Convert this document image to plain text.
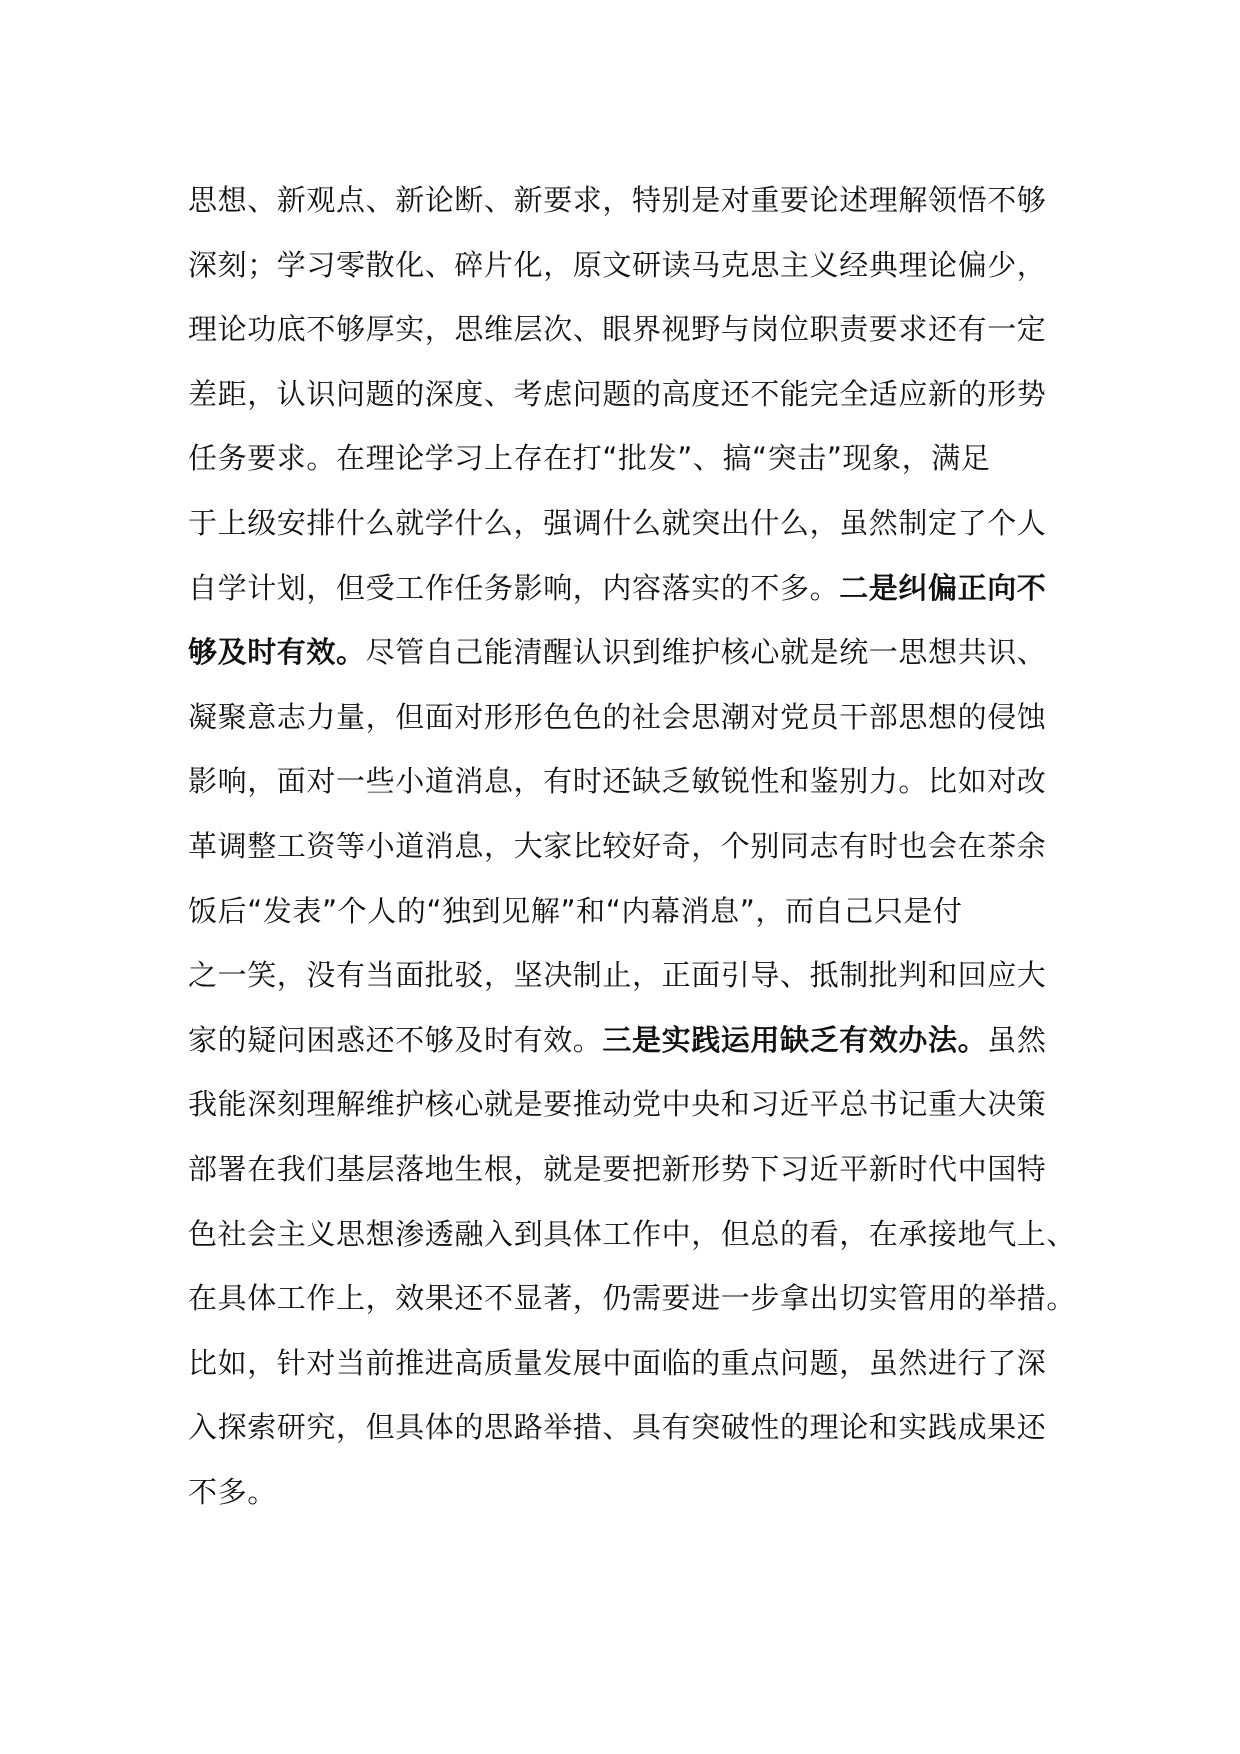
思想、新观点、新论断、新要求，特别是对重要论述理解领悟不够
深刻；学习零散化、碎片化，原文研读马克思主义经典理论偏少，
理论功底不够厚实，思维层次、眼界视野与岗位职责要求还有一定
差距，认识问题的深度、考虑问题的高度还不能完全适应新的形势
任务要求。在理论学习上存在打“批发”、搞“突击”现象，满足
于上级安排什么就学什么，强调什么就突出什么，虽然制定了个人
自学计划，但受工作任务影响，内容落实的不多。二是纠偏正向不
够及时有效。尽管自己能清醒认识到维护核心就是统一思想共识、
凝聚意志力量，但面对形形色色的社会思潮对党员干部思想的侵蚀
影响，面对一些小道消息，有时还缺乏敏锐性和鉴别力。比如对改
革调整工资等小道消息，大家比较好奇，个别同志有时也会在茶余
饭后“发表”个人的“独到见解”和“内幕消息”，而自己只是付
之一笑，没有当面批驳，坚决制止，正面引导、抵制批判和回应大
家的疑问困惑还不够及时有效。三是实践运用缺乏有效办法。虽然
我能深刻理解维护核心就是要推动党中央和习近平总书记重大决策
部署在我们基层落地生根，就是要把新形势下习近平新时代中国特
色社会主义思想渗透融入到具体工作中，但总的看，在承接地气上、
在具体工作上，效果还不显著，仍需要进一步拿出切实管用的举措。
比如，针对当前推进高质量发展中面临的重点问题，虽然进行了深
入探索研究，但具体的思路举措、具有突破性的理论和实践成果还
不多。
